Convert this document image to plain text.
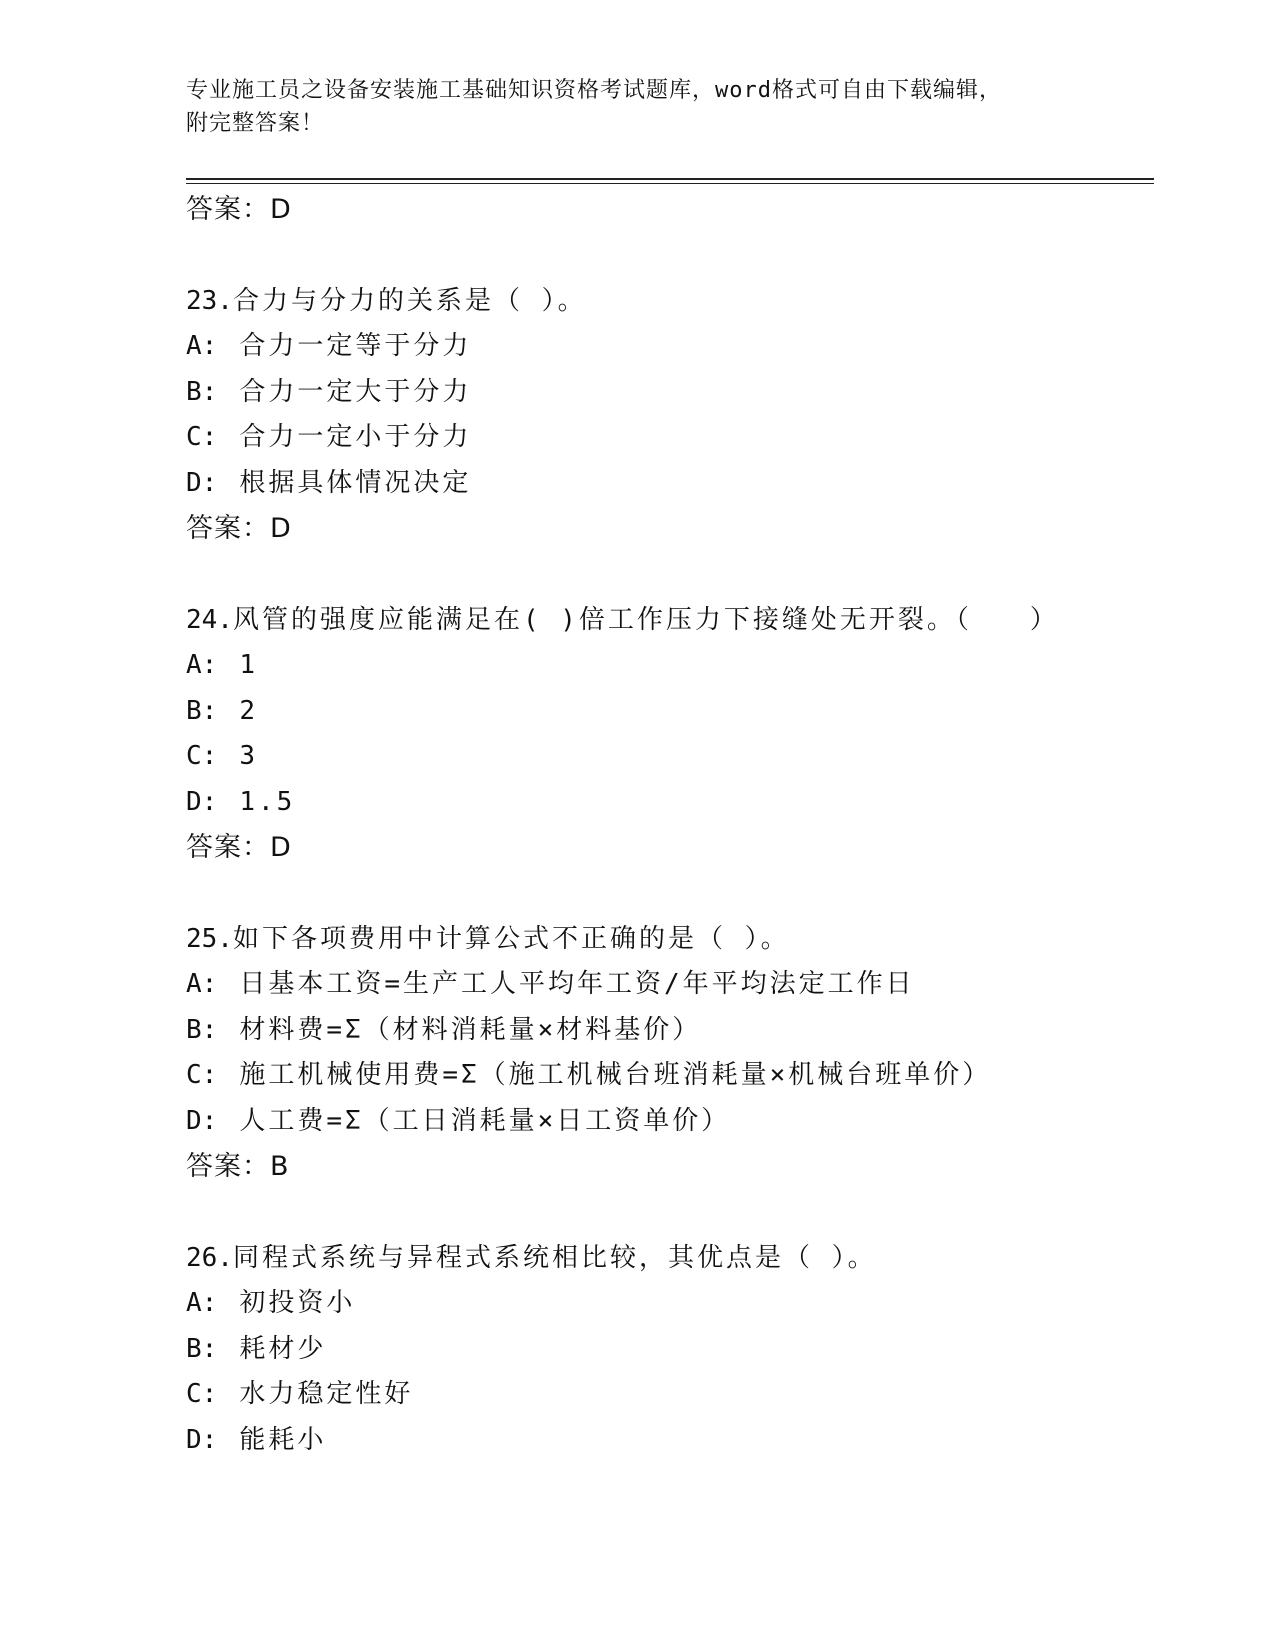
专业施工员之设备安装施工基础知识资格考试题库，word格式可自由下载编辑，
附完整答案！
答案：D
23.合力与分力的关系是（ ）。
A: 合力一定等于分力
B: 合力一定大于分力
C: 合力一定小于分力
D: 根据具体情况决定
答案：D
24.风管的强度应能满足在( )倍工作压力下接缝处无开裂。（　　）
A: 1
B: 2
C: 3
D: 1.5
答案：D
25.如下各项费用中计算公式不正确的是（ ）。
A: 日基本工资=生产工人平均年工资/年平均法定工作日
B: 材料费=Σ（材料消耗量×材料基价）
C: 施工机械使用费=Σ（施工机械台班消耗量×机械台班单价）
D: 人工费=Σ（工日消耗量×日工资单价）
答案：B
26.同程式系统与异程式系统相比较，其优点是（ ）。
A: 初投资小
B: 耗材少
C: 水力稳定性好
D: 能耗小
